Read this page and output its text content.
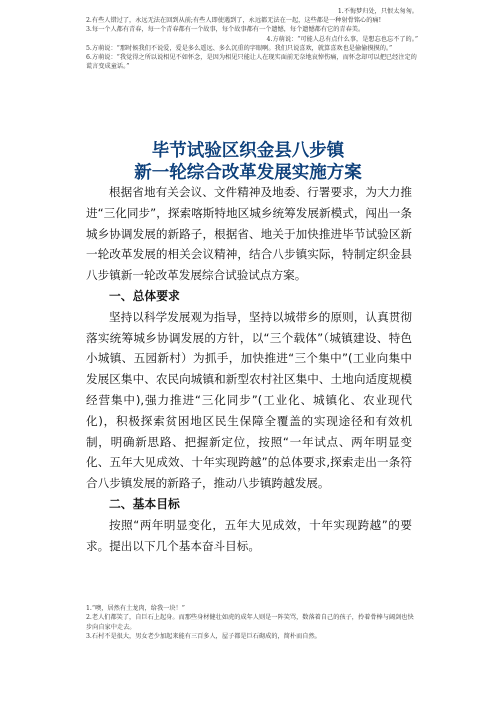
1.不悔梦归处，只恨太匆匆。
2.有些人错过了，永远无法在回到从前;有些人即使遇到了，永远都无法在一起，这些都是一种射骨铭心的痛!
3.每一个人都有青春，每一个青春都有一个故事，每个故事都有一个遗憾，每个遗憾都有它的青春美。
4.方萌说：“可能人总有点什么事，是想忘也忘不了的。”
5.方萌说：“那时候我们不说爱，爱是多么遥远、多么沉重的字眼啊。我们只说喜欢，就算喜欢也是偷偷摸摸的。”
6.方萌说：“我觉得之所以说相见不如怀念，是因为相见只能让人在现实面前无奈地哀悼伤痛，而怀念却可以把已经注定的谎言变成童话。”
毕节试验区织金县八步镇
新一轮综合改革发展实施方案

根据省地有关会议、文件精神及地委、行署要求，为大力推进“三化同步”，探索喀斯特地区城乡统筹发展新模式，闯出一条城乡协调发展的新路子，根据省、地关于加快推进毕节试验区新一轮改革发展的相关会议精神，结合八步镇实际，特制定织金县八步镇新一轮改革发展综合试验试点方案。

一、总体要求

坚持以科学发展观为指导，坚持以城带乡的原则，认真贯彻落实统筹城乡协调发展的方针，以“三个载体”（城镇建设、特色小城镇、五园新村）为抓手，加快推进“三个集中”(工业向集中发展区集中、农民向城镇和新型农村社区集中、土地向适度规模经营集中),强力推进“三化同步”(工业化、城镇化、农业现代化)，积极探索贫困地区民生保障全覆盖的实现途径和有效机制，明确新思路、把握新定位，按照“一年试点、两年明显变化、五年大见成效、十年实现跨越”的总体要求,探索走出一条符合八步镇发展的新路子，推动八步镇跨越发展。

二、基本目标

按照“两年明显变化，五年大见成效，十年实现跨越”的要求。提出以下几个基本奋斗目标。

1.“噢，居然有土龙肉，给我一块！”
2.老人们都笑了，自巨石上起身。而那些身材健壮如虎的成年人则是一阵笑骂，数落着自己的孩子，拎着骨棒与阔剑也快步向自家中走去。
3.石村不是很大，男女老少加起来能有三百多人，屋子都是巨石砌成的，简朴而自然。
